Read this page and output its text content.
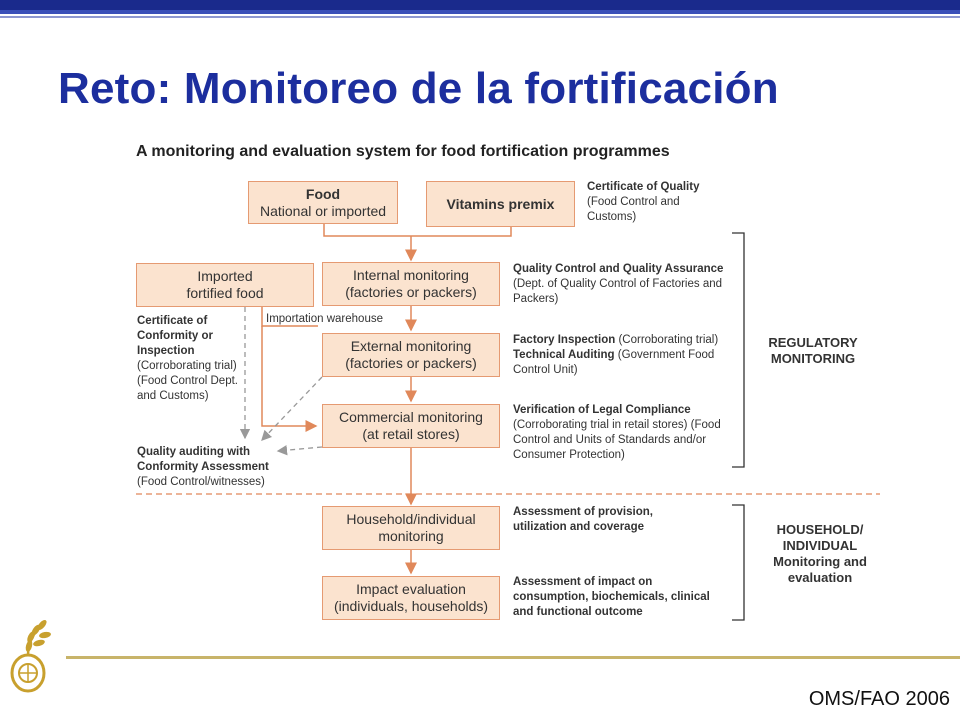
Reto: Monitoreo de la fortificación
A monitoring and evaluation system for food fortification programmes
Food
National or imported	Vitamins premix
Imported
fortified food
Internal monitoring
(factories or packers)
External monitoring
(factories or packers)
Commercial monitoring
(at retail stores)
Household/individual
monitoring
Impact evaluation
(individuals, households)
Importation warehouse
Certificate of Quality (Food Control and Customs)
Quality Control and Quality Assurance (Dept. of Quality Control of Factories and Packers)
Factory Inspection (Corroborating trial) Technical Auditing (Government Food Control Unit)
Verification of Legal Compliance (Corroborating trial in retail stores) (Food Control and Units of Standards and/or Consumer Protection)
Assessment of provision, utilization and coverage
Assessment of impact on consumption, biochemicals, clinical and functional outcome
Certificate of Conformity or Inspection (Corroborating trial) (Food Control Dept. and Customs)
Quality auditing with Conformity Assessment (Food Control/witnesses)
REGULATORY MONITORING
HOUSEHOLD/ INDIVIDUAL
Monitoring and evaluation
OMS/FAO 2006
